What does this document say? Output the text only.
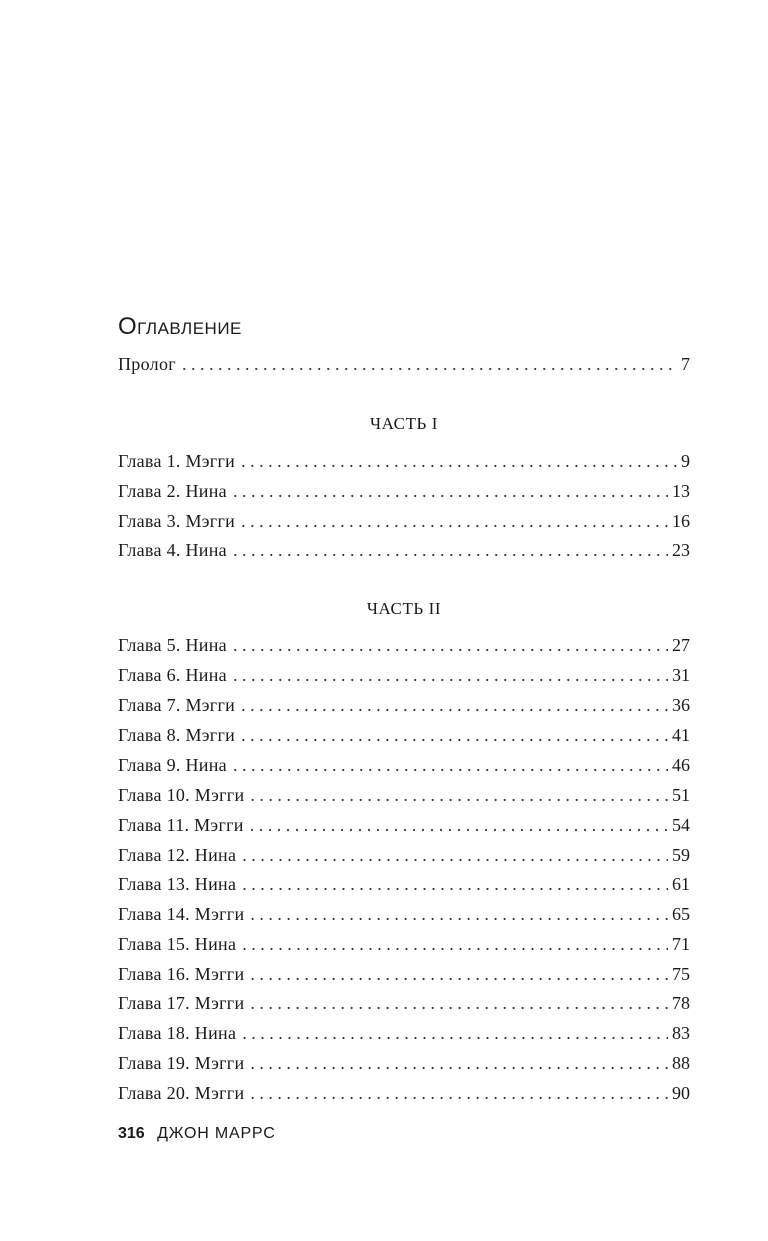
Оглавление
Пролог . . .	7
ЧАСТЬ I
Глава 1. Мэгги . . .	9
Глава 2. Нина . . .	13
Глава 3. Мэгги . . .	16
Глава 4. Нина . . .	23
ЧАСТЬ II
Глава 5. Нина . . .	27
Глава 6. Нина . . .	31
Глава 7. Мэгги . . .	36
Глава 8. Мэгги . . .	41
Глава 9. Нина . . .	46
Глава 10. Мэгги . . .	51
Глава 11. Мэгги . . .	54
Глава 12. Нина . . .	59
Глава 13. Нина . . .	61
Глава 14. Мэгги . . .	65
Глава 15. Нина . . .	71
Глава 16. Мэгги . . .	75
Глава 17. Мэгги . . .	78
Глава 18. Нина . . .	83
Глава 19. Мэгги . . .	88
Глава 20. Мэгги . . .	90
316 ДЖОН МАРРС
